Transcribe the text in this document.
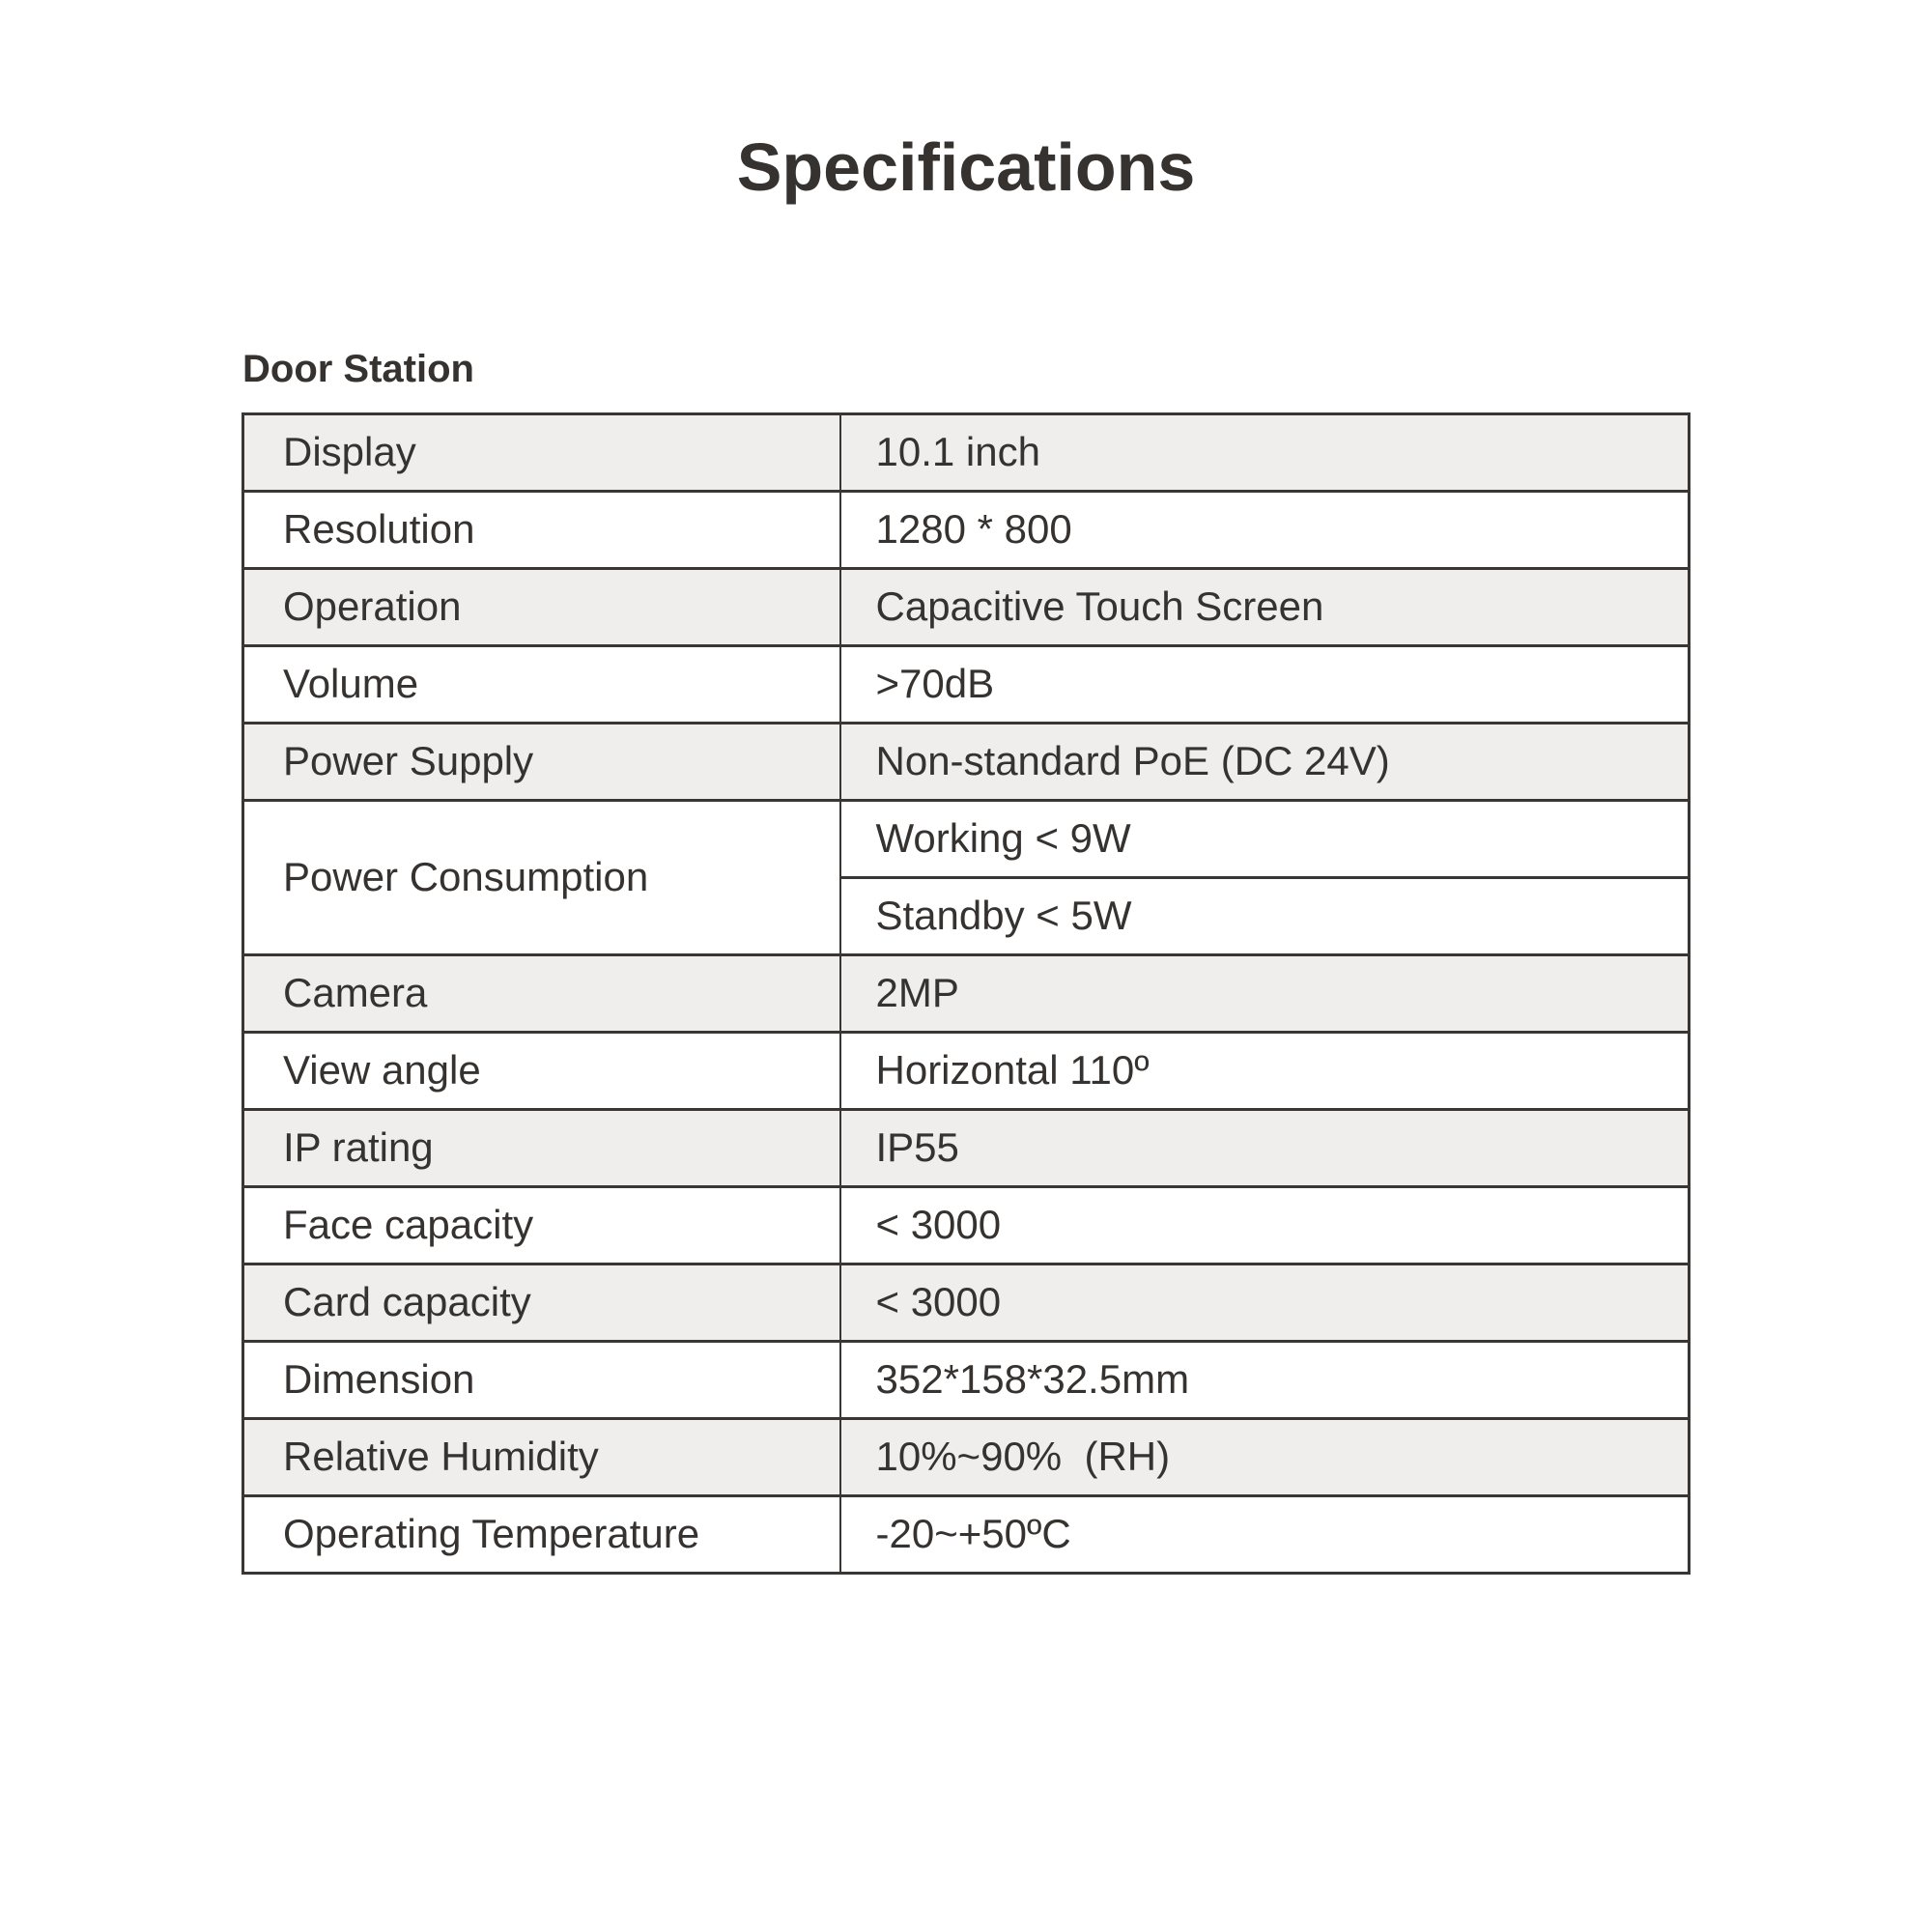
Specifications
Door Station
Display	10.1 inch
Resolution	1280 * 800
Operation	Capacitive Touch Screen
Volume	>70dB
Power Supply	Non-standard PoE (DC 24V)
Power Consumption	Working < 9W
	Standby < 5W
Camera	2MP
View angle	Horizontal 110º
IP rating	IP55
Face capacity	< 3000
Card capacity	< 3000
Dimension	352*158*32.5mm
Relative Humidity	10%~90%  (RH)
Operating Temperature	-20~+50ºC
